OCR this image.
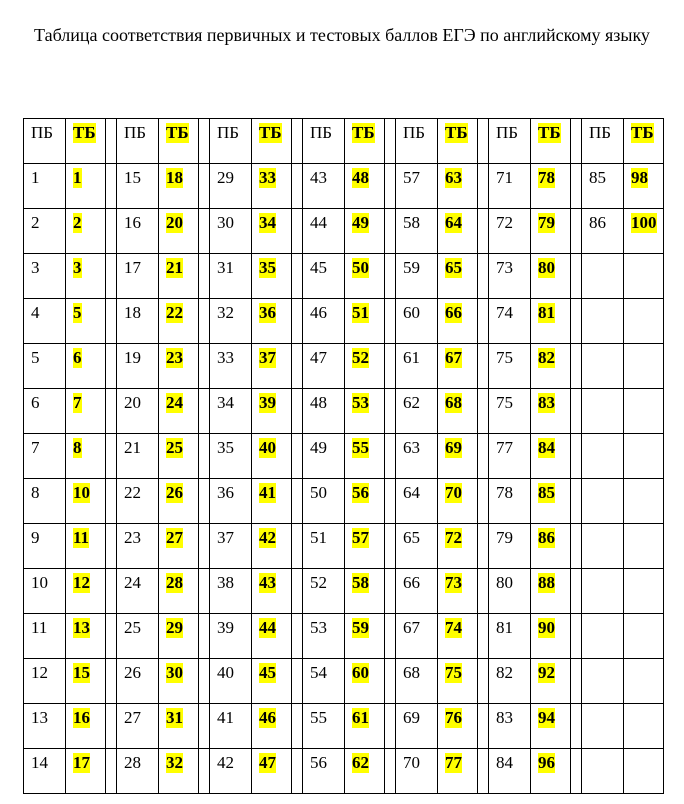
Таблица соответствия первичных и тестовых баллов ЕГЭ по английскому языку
ПБ	ТБ		ПБ	ТБ		ПБ	ТБ		ПБ	ТБ		ПБ	ТБ		ПБ	ТБ		ПБ	ТБ
1	1		15	18		29	33		43	48		57	63		71	78		85	98
2	2		16	20		30	34		44	49		58	64		72	79		86	100
3	3		17	21		31	35		45	50		59	65		73	80			
4	5		18	22		32	36		46	51		60	66		74	81			
5	6		19	23		33	37		47	52		61	67		75	82			
6	7		20	24		34	39		48	53		62	68		75	83			
7	8		21	25		35	40		49	55		63	69		77	84			
8	10		22	26		36	41		50	56		64	70		78	85			
9	11		23	27		37	42		51	57		65	72		79	86			
10	12		24	28		38	43		52	58		66	73		80	88			
11	13		25	29		39	44		53	59		67	74		81	90			
12	15		26	30		40	45		54	60		68	75		82	92			
13	16		27	31		41	46		55	61		69	76		83	94			
14	17		28	32		42	47		56	62		70	77		84	96			
